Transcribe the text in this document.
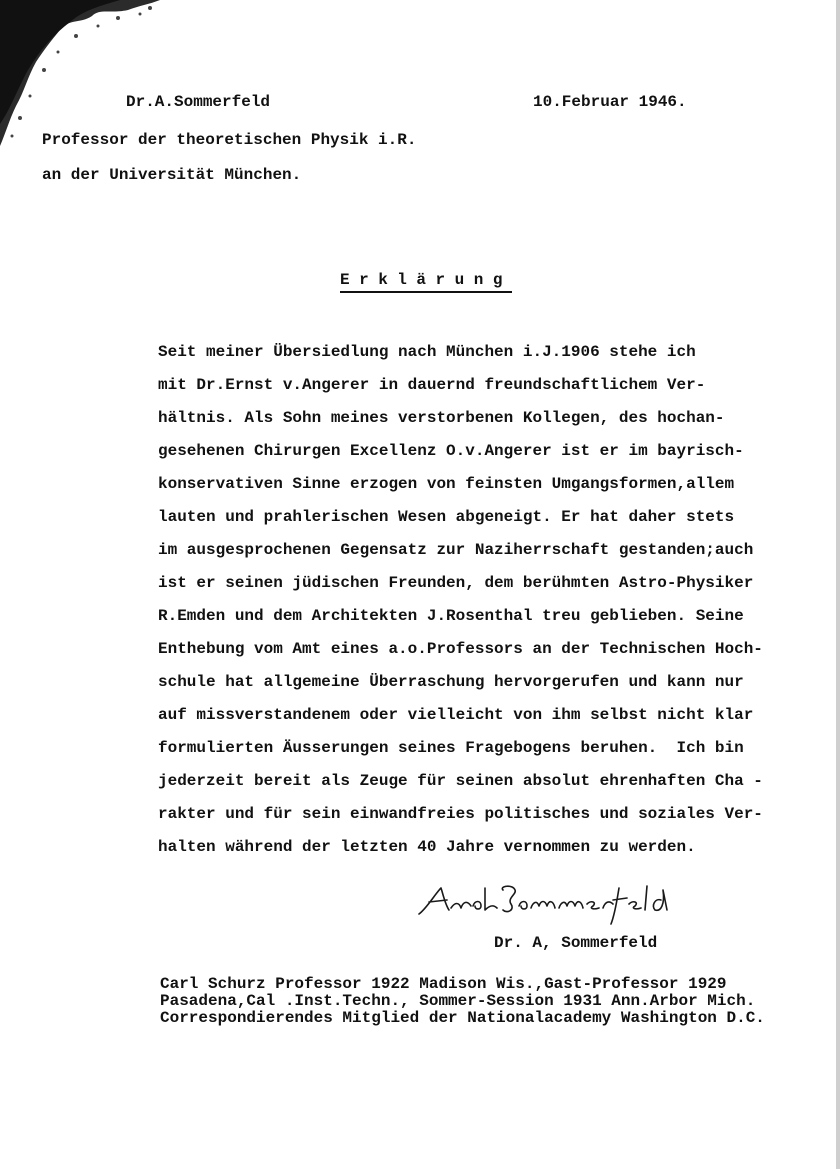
Dr.A.Sommerfeld	10.Februar 1946.
Professor der theoretischen Physik i.R.
an der Universität München.
Erklärung
Seit meiner Übersiedlung nach München i.J.1906 stehe ich
mit Dr.Ernst v.Angerer in dauernd freundschaftlichem Ver-
hältnis. Als Sohn meines verstorbenen Kollegen, des hochan-
gesehenen Chirurgen Excellenz O.v.Angerer ist er im bayrisch-
konservativen Sinne erzogen von feinsten Umgangsformen,allem
lauten und prahlerischen Wesen abgeneigt. Er hat daher stets
im ausgesprochenen Gegensatz zur Naziherrschaft gestanden;auch
ist er seinen jüdischen Freunden, dem berühmten Astro-Physiker
R.Emden und dem Architekten J.Rosenthal treu geblieben. Seine
Enthebung vom Amt eines a.o.Professors an der Technischen Hoch-
schule hat allgemeine Überraschung hervorgerufen und kann nur
auf missverstandenem oder vielleicht von ihm selbst nicht klar
formulierten Äusserungen seines Fragebogens beruhen.  Ich bin
jederzeit bereit als Zeuge für seinen absolut ehrenhaften Cha -
rakter und für sein einwandfreies politisches und soziales Ver-
halten während der letzten 40 Jahre vernommen zu werden.
Dr. A, Sommerfeld
Carl Schurz Professor 1922 Madison Wis.,Gast-Professor 1929
Pasadena,Cal .Inst.Techn., Sommer-Session 1931 Ann.Arbor Mich.
Correspondierendes Mitglied der Nationalacademy Washington D.C.
